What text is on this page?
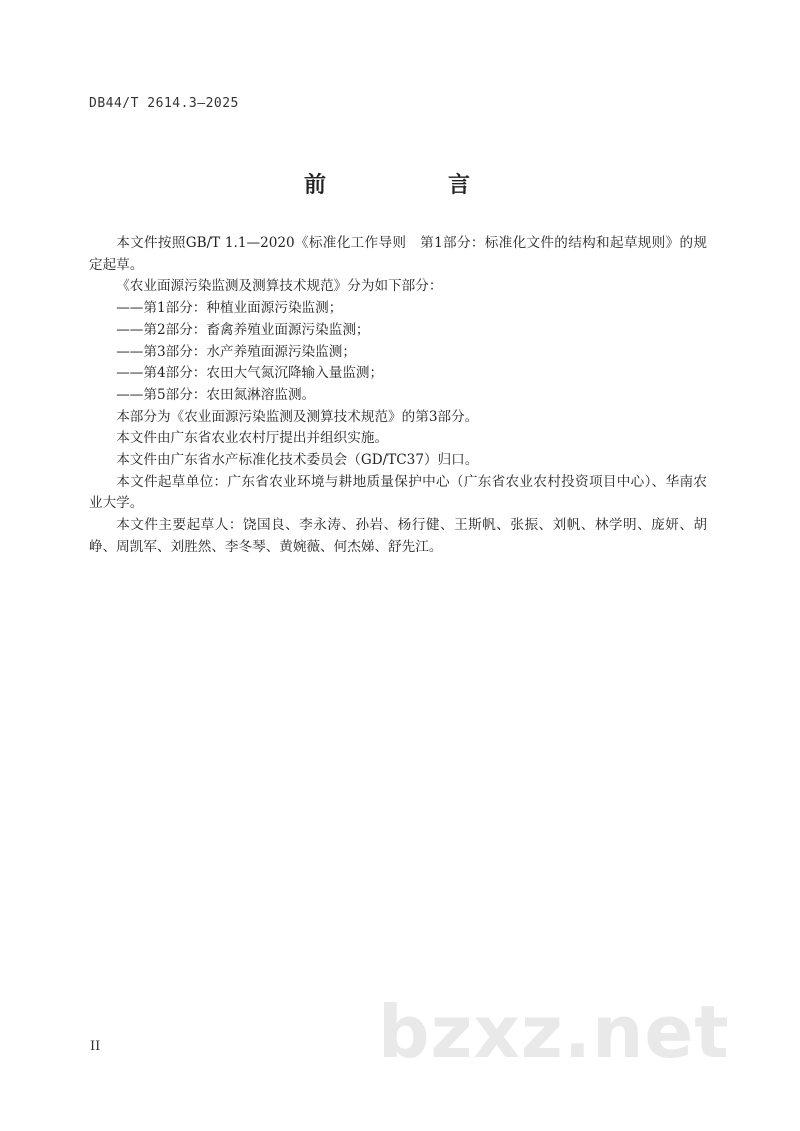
DB44/T 2614.3—2025
前　　言

本文件按照GB/T 1.1—2020《标准化工作导则　第1部分：标准化文件的结构和起草规则》的规定起草。

《农业面源污染监测及测算技术规范》分为如下部分：

——第1部分：种植业面源污染监测；

——第2部分：畜禽养殖业面源污染监测；

——第3部分：水产养殖面源污染监测；

——第4部分：农田大气氮沉降输入量监测；

——第5部分：农田氮淋溶监测。

本部分为《农业面源污染监测及测算技术规范》的第3部分。

本文件由广东省农业农村厅提出并组织实施。

本文件由广东省水产标准化技术委员会（GD/TC37）归口。

本文件起草单位：广东省农业环境与耕地质量保护中心（广东省农业农村投资项目中心）、华南农业大学。

本文件主要起草人：饶国良、李永涛、孙岩、杨行健、王斯帆、张振、刘帆、林学明、庞妍、胡峥、周凯军、刘胜然、李冬琴、黄婉薇、何杰娣、舒先江。

II	bzxz.net
